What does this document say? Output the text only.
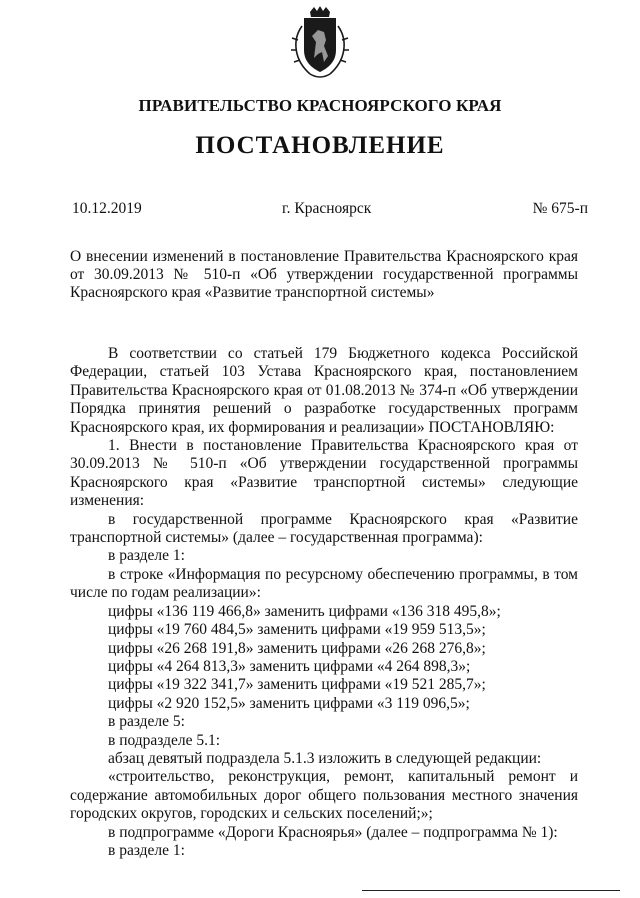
ПРАВИТЕЛЬСТВО КРАСНОЯРСКОГО КРАЯ
ПОСТАНОВЛЕНИЕ
10.12.2019	г. Красноярск	№ 675-п
О внесении изменений в постановление Правительства Красноярского края от 30.09.2013 № 510-п «Об утверждении государственной программы Красноярского края «Развитие транспортной системы»

В соответствии со статьей 179 Бюджетного кодекса Российской Федерации, статьей 103 Устава Красноярского края, постановлением Правительства Красноярского края от 01.08.2013 № 374-п «Об утверждении Порядка принятия решений о разработке государственных программ Красноярского края, их формирования и реализации» ПОСТАНОВЛЯЮ:

1. Внести в постановление Правительства Красноярского края от 30.09.2013 № 510-п «Об утверждении государственной программы Красноярского края «Развитие транспортной системы» следующие изменения:

в государственной программе Красноярского края «Развитие транспортной системы» (далее – государственная программа):

в разделе 1:

в строке «Информация по ресурсному обеспечению программы, в том числе по годам реализации»:

цифры «136 119 466,8» заменить цифрами «136 318 495,8»;

цифры «19 760 484,5» заменить цифрами «19 959 513,5»;

цифры «26 268 191,8» заменить цифрами «26 268 276,8»;

цифры «4 264 813,3» заменить цифрами «4 264 898,3»;

цифры «19 322 341,7» заменить цифрами «19 521 285,7»;

цифры «2 920 152,5» заменить цифрами «3 119 096,5»;

в разделе 5:

в подразделе 5.1:

абзац девятый подраздела 5.1.3 изложить в следующей редакции:

«строительство, реконструкция, ремонт, капитальный ремонт и содержание автомобильных дорог общего пользования местного значения городских округов, городских и сельских поселений;»;

в подпрограмме «Дороги Красноярья» (далее – подпрограмма № 1):

в разделе 1:
